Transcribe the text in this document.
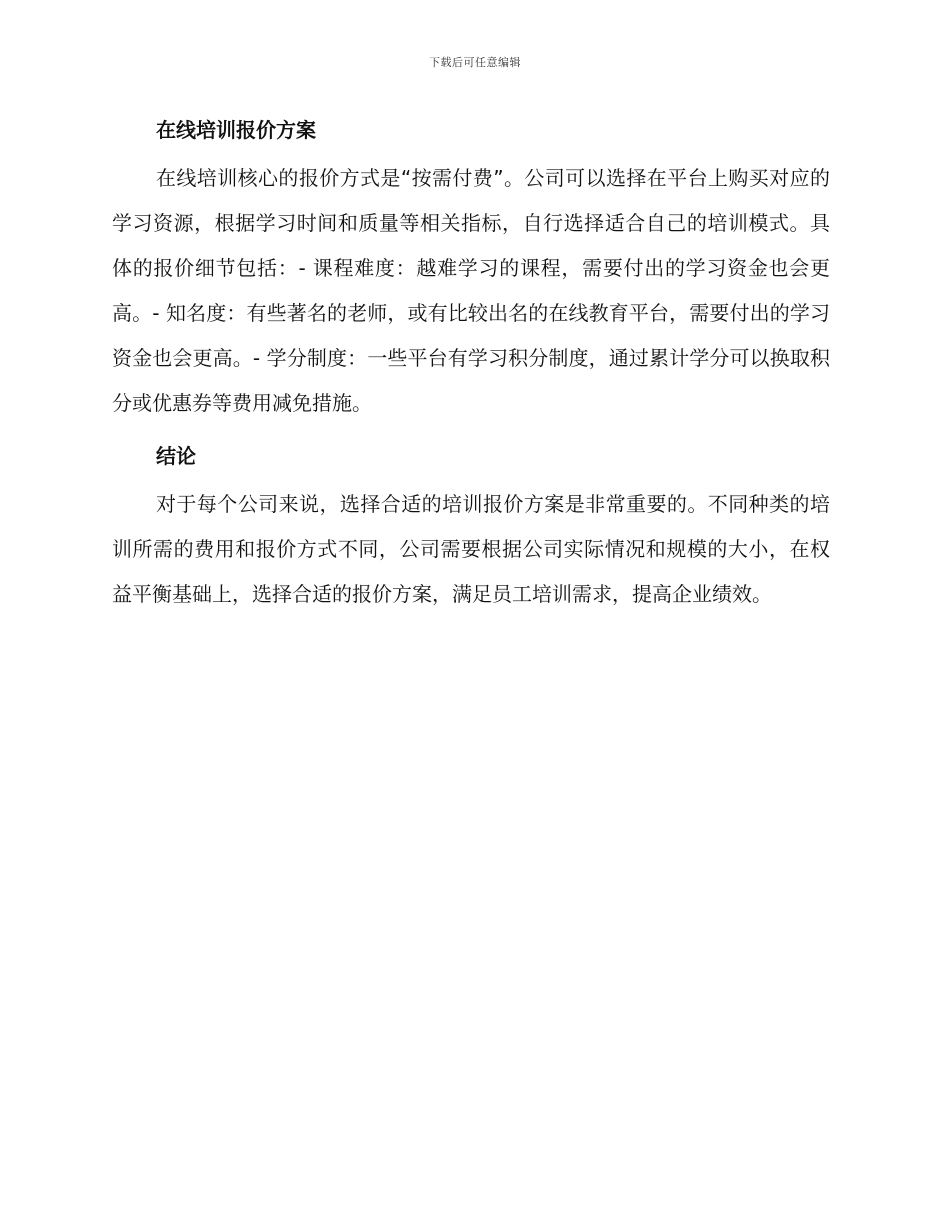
下载后可任意编辑
在线培训报价方案

在线培训核心的报价方式是“按需付费”。公司可以选择在平台上购买对应的学习资源，根据学习时间和质量等相关指标，自行选择适合自己的培训模式。具体的报价细节包括：- 课程难度：越难学习的课程，需要付出的学习资金也会更高。- 知名度：有些著名的老师，或有比较出名的在线教育平台，需要付出的学习资金也会更高。- 学分制度：一些平台有学习积分制度，通过累计学分可以换取积分或优惠券等费用减免措施。

结论

对于每个公司来说，选择合适的培训报价方案是非常重要的。不同种类的培训所需的费用和报价方式不同，公司需要根据公司实际情况和规模的大小，在权益平衡基础上，选择合适的报价方案，满足员工培训需求，提高企业绩效。
